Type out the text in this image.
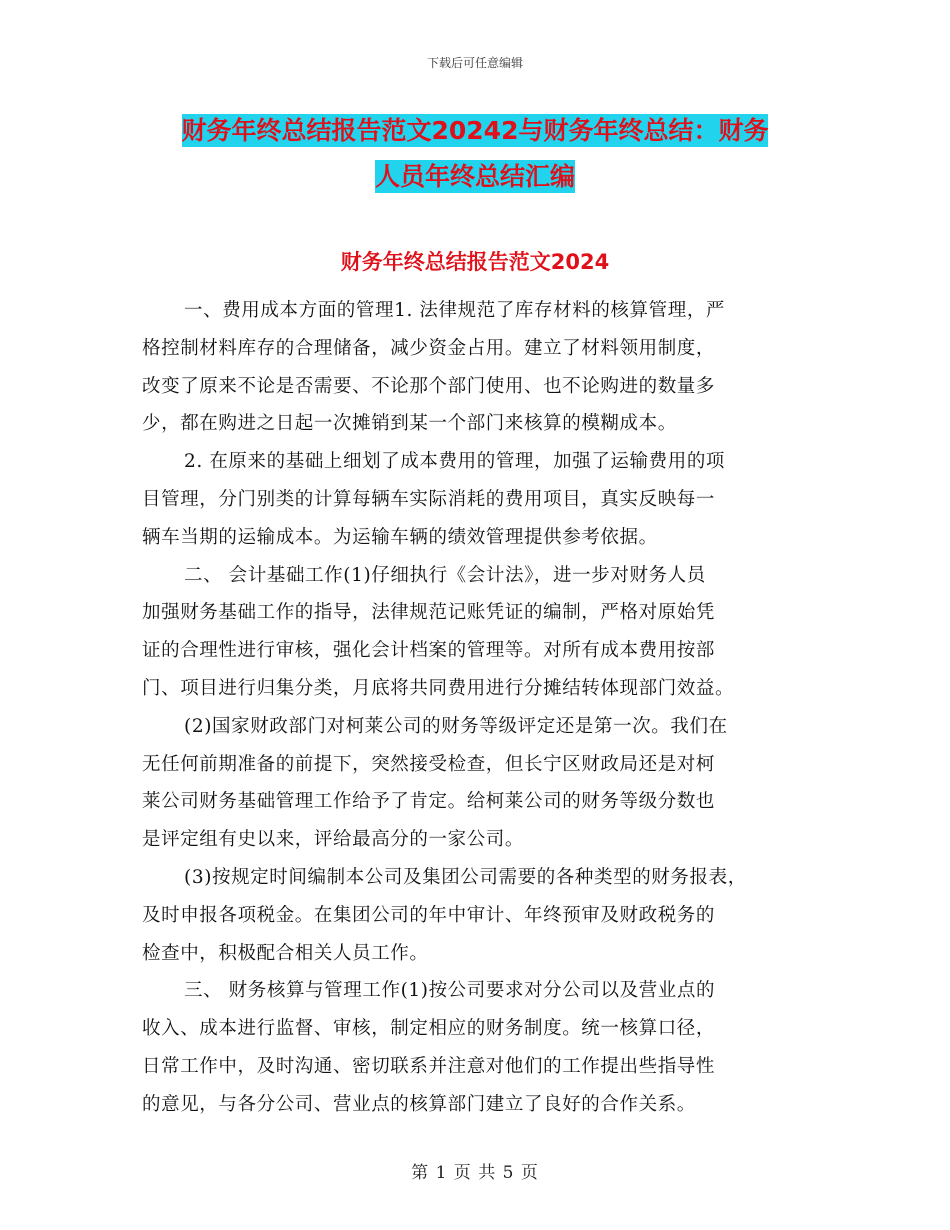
下载后可任意编辑
财务年终总结报告范文20242与财务年终总结：财务
人员年终总结汇编
财务年终总结报告范文2024
一、费用成本方面的管理1. 法律规范了库存材料的核算管理，严
格控制材料库存的合理储备，减少资金占用。建立了材料领用制度，
改变了原来不论是否需要、不论那个部门使用、也不论购进的数量多
少，都在购进之日起一次摊销到某一个部门来核算的模糊成本。
2. 在原来的基础上细划了成本费用的管理，加强了运输费用的项
目管理，分门别类的计算每辆车实际消耗的费用项目，真实反映每一
辆车当期的运输成本。为运输车辆的绩效管理提供参考依据。
二、 会计基础工作(1)仔细执行《会计法》，进一步对财务人员
加强财务基础工作的指导，法律规范记账凭证的编制，严格对原始凭
证的合理性进行审核，强化会计档案的管理等。对所有成本费用按部
门、项目进行归集分类，月底将共同费用进行分摊结转体现部门效益。
(2)国家财政部门对柯莱公司的财务等级评定还是第一次。我们在
无任何前期准备的前提下，突然接受检查，但长宁区财政局还是对柯
莱公司财务基础管理工作给予了肯定。给柯莱公司的财务等级分数也
是评定组有史以来，评给最高分的一家公司。
(3)按规定时间编制本公司及集团公司需要的各种类型的财务报表，
及时申报各项税金。在集团公司的年中审计、年终预审及财政税务的
检查中，积极配合相关人员工作。
三、 财务核算与管理工作(1)按公司要求对分公司以及营业点的
收入、成本进行监督、审核，制定相应的财务制度。统一核算口径，
日常工作中，及时沟通、密切联系并注意对他们的工作提出些指导性
的意见，与各分公司、营业点的核算部门建立了良好的合作关系。
第 1 页 共 5 页
